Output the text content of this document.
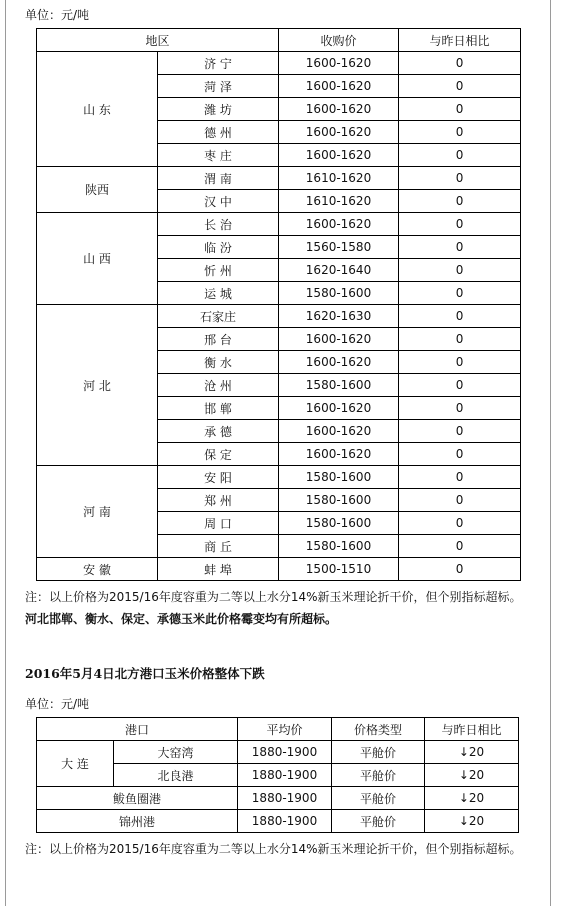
单位：元/吨
地区		收购价	与昨日相比
山 东	济 宁	1600-1620	0
	菏 泽	1600-1620	0
	潍 坊	1600-1620	0
	德 州	1600-1620	0
	枣 庄	1600-1620	0
陕西	渭 南	1610-1620	0
	汉 中	1610-1620	0
山 西	长 治	1600-1620	0
	临 汾	1560-1580	0
	忻 州	1620-1640	0
	运 城	1580-1600	0
河 北	石家庄	1620-1630	0
	邢 台	1600-1620	0
	衡 水	1600-1620	0
	沧 州	1580-1600	0
	邯 郸	1600-1620	0
	承 德	1600-1620	0
	保 定	1600-1620	0
河 南	安 阳	1580-1600	0
	郑 州	1580-1600	0
	周 口	1580-1600	0
	商 丘	1580-1600	0
安 徽	蚌 埠	1500-1510	0
注：以上价格为2015/16年度容重为二等以上水分14%新玉米理论折干价，但个别指标超标。河北邯郸、衡水、保定、承德玉米此价格霉变均有所超标。
2016年5月4日北方港口玉米价格整体下跌
单位：元/吨
港口		平均价	价格类型	与昨日相比
大 连	大窑湾	1880-1900	平舱价	↓20
	北良港	1880-1900	平舱价	↓20
鲅鱼圈港		1880-1900	平舱价	↓20
锦州港		1880-1900	平舱价	↓20
注：以上价格为2015/16年度容重为二等以上水分14%新玉米理论折干价，但个别指标超标。
